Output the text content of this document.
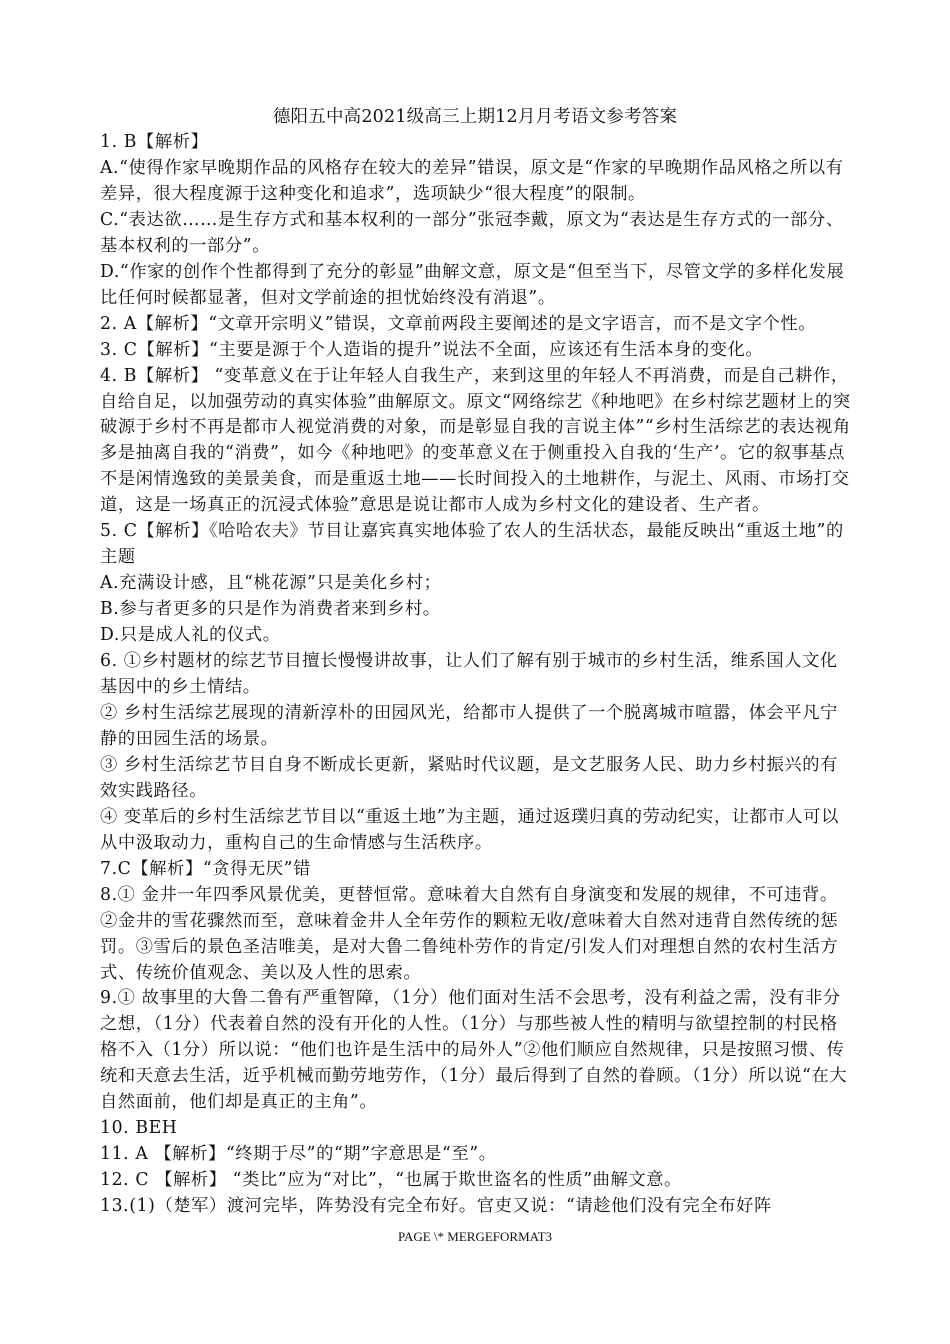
德阳五中高2021级高三上期12月月考语文参考答案

1. B【解析】

A.“使得作家早晚期作品的风格存在较大的差异”错误，原文是“作家的早晚期作品风格之所以有差异，很大程度源于这种变化和追求”，选项缺少“很大程度”的限制。

C.“表达欲……是生存方式和基本权利的一部分”张冠李戴，原文为“表达是生存方式的一部分、基本权利的一部分”。

D.“作家的创作个性都得到了充分的彰显”曲解文意，原文是“但至当下，尽管文学的多样化发展比任何时候都显著，但对文学前途的担忧始终没有消退”。

2. A【解析】“文章开宗明义”错误，文章前两段主要阐述的是文字语言，而不是文字个性。

3. C【解析】“主要是源于个人造诣的提升”说法不全面，应该还有生活本身的变化。

4. B【解析】 “变革意义在于让年轻人自我生产，来到这里的年轻人不再消费，而是自己耕作，自给自足，以加强劳动的真实体验”曲解原文。原文“网络综艺《种地吧》在乡村综艺题材上的突破源于乡村不再是都市人视觉消费的对象，而是彰显自我的言说主体”“乡村生活综艺的表达视角多是抽离自我的“消费”，如今《种地吧》的变革意义在于侧重投入自我的‘生产’。它的叙事基点不是闲情逸致的美景美食，而是重返土地——长时间投入的土地耕作，与泥土、风雨、市场打交道，这是一场真正的沉浸式体验”意思是说让都市人成为乡村文化的建设者、生产者。

5. C【解析】《哈哈农夫》节目让嘉宾真实地体验了农人的生活状态，最能反映出“重返土地”的主题

A.充满设计感，且“桃花源”只是美化乡村；

B.参与者更多的只是作为消费者来到乡村。

D.只是成人礼的仪式。

6. ①乡村题材的综艺节目擅长慢慢讲故事，让人们了解有别于城市的乡村生活，维系国人文化基因中的乡土情结。

② 乡村生活综艺展现的清新淳朴的田园风光，给都市人提供了一个脱离城市喧嚣，体会平凡宁静的田园生活的场景。

③ 乡村生活综艺节目自身不断成长更新，紧贴时代议题，是文艺服务人民、助力乡村振兴的有效实践路径。

④ 变革后的乡村生活综艺节目以“重返土地”为主题，通过返璞归真的劳动纪实，让都市人可以从中汲取动力，重构自己的生命情感与生活秩序。

7.C【解析】“贪得无厌”错

8.① 金井一年四季风景优美，更替恒常。意味着大自然有自身演变和发展的规律，不可违背。②金井的雪花骤然而至，意味着金井人全年劳作的颗粒无收/意味着大自然对违背自然传统的惩罚。③雪后的景色圣洁唯美，是对大鲁二鲁纯朴劳作的肯定/引发人们对理想自然的农村生活方式、传统价值观念、美以及人性的思索。

9.① 故事里的大鲁二鲁有严重智障，（1分）他们面对生活不会思考，没有利益之需，没有非分之想，（1分）代表着自然的没有开化的人性。（1分）与那些被人性的精明与欲望控制的村民格格不入（1分）所以说：“他们也许是生活中的局外人”②他们顺应自然规律，只是按照习惯、传统和天意去生活，近乎机械而勤劳地劳作，（1分）最后得到了自然的眷顾。（1分）所以说“在大自然面前，他们却是真正的主角”。

10. BEH

11. A 【解析】“终期于尽”的“期”字意思是“至”。

12. C 【解析】 “类比”应为“对比”，“也属于欺世盗名的性质”曲解文意。

13.(1)（楚军）渡河完毕，阵势没有完全布好。官吏又说：“请趁他们没有完全布好阵

PAGE \* MERGEFORMAT3
